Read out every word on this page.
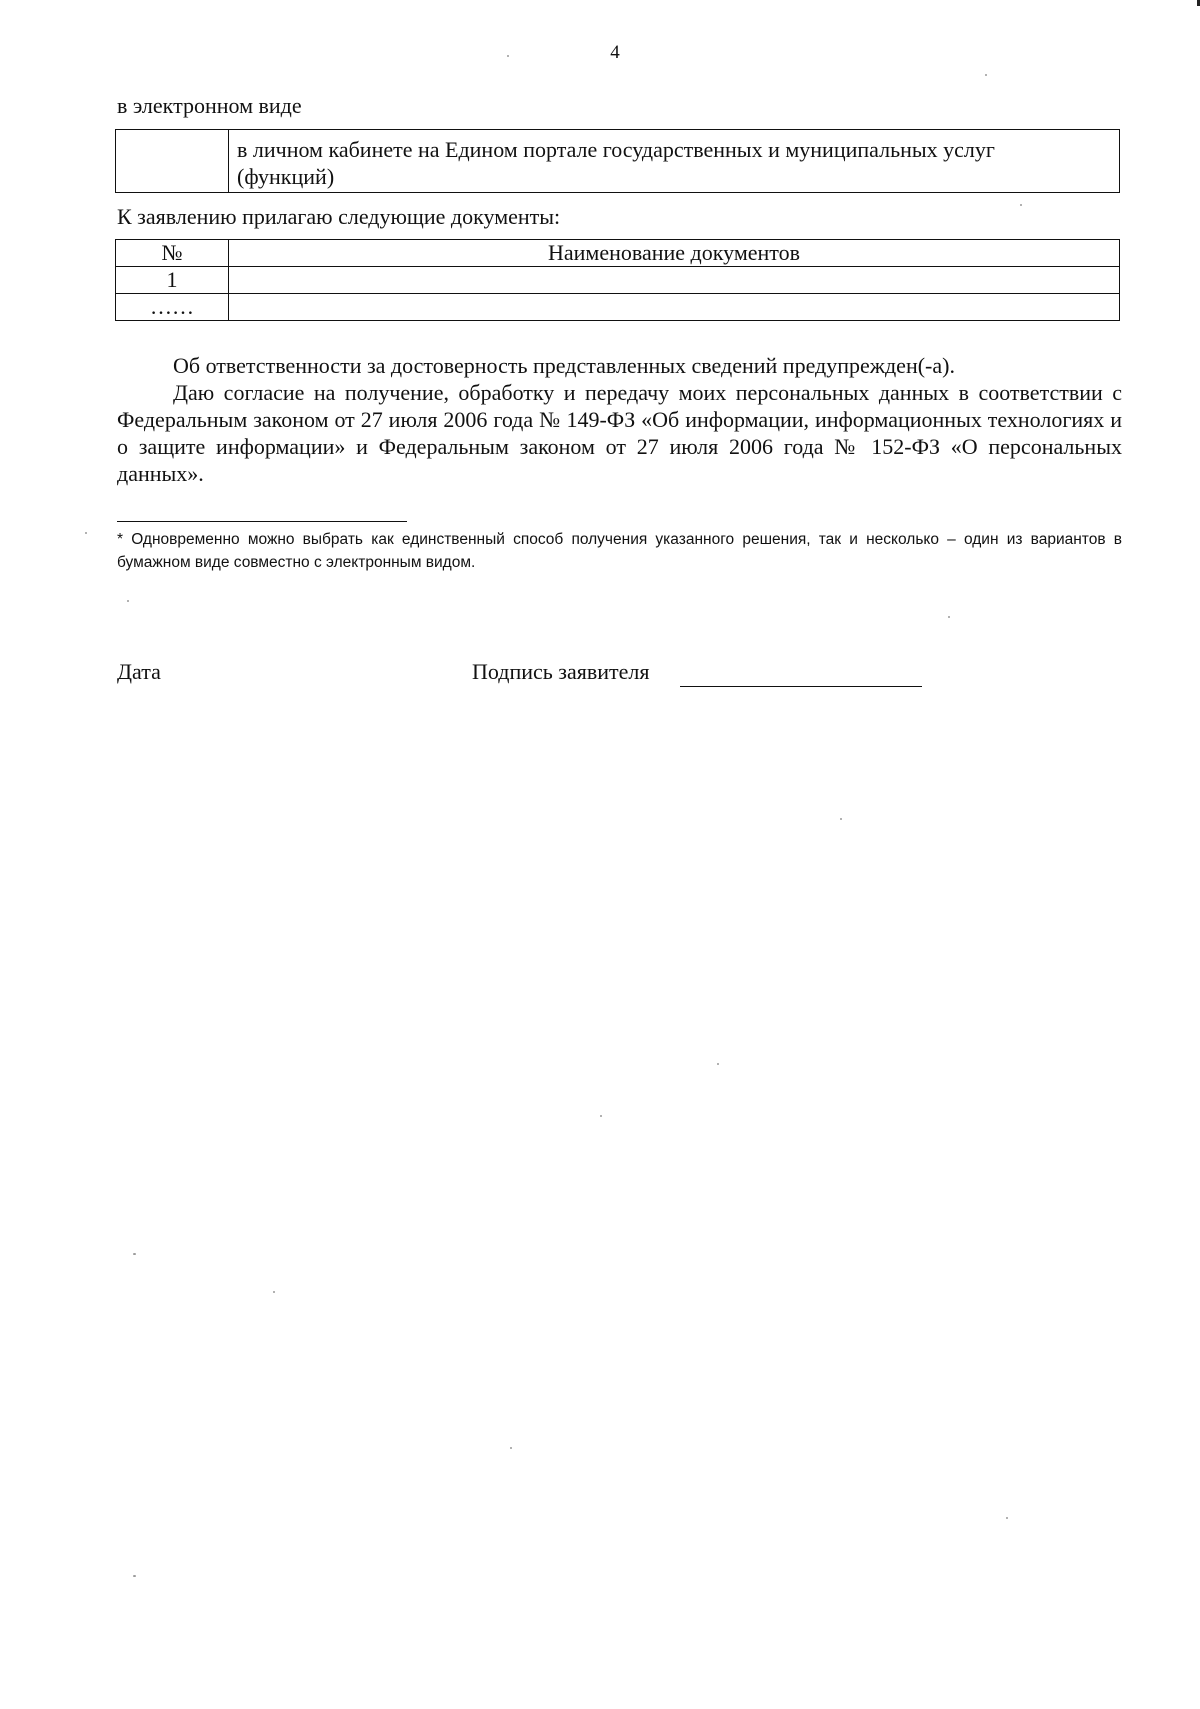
4
в электронном виде

в личном кабинете на Едином портале государственных и муниципальных услуг
(функций)
К заявлению прилагаю следующие документы:
№	Наименование документов
1	
……	
Об ответственности за достоверность представленных сведений предупрежден(-а).
Даю согласие на получение, обработку и передачу моих персональных данных в соответствии с Федеральным законом от 27 июля 2006 года № 149-ФЗ «Об информации, информационных технологиях и о защите информации» и Федеральным законом от 27 июля 2006 года № 152-ФЗ «О персональных данных».
* Одновременно можно выбрать как единственный способ получения указанного решения, так и несколько – один из вариантов в бумажном виде совместно с электронным видом.
Дата	Подпись заявителя
